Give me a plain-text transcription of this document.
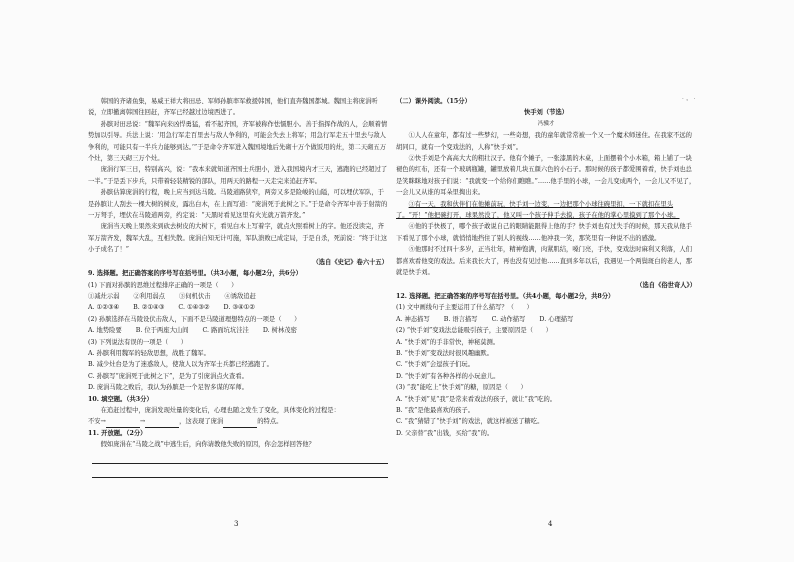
韩国的齐诸鱼集，易威王祥大将田忌、军师孙膑率军救援韩国，他们直奔魏国都城。魏国主将庞涓听说，立即撤离韩国往回赶，齐军已经越过边境西进了。

孙膑对田忌说：“魏军向来凶悍勇猛，看不起齐国，齐军被称作怯懦胆小。善于指挥作战的人，会顺着情势加以引导。兵法上说：‘用急行军走百里去与敌人争利的，可能会失去上将军；用急行军走五十里去与敌人争利的，可能只有一半兵力能够到达。’”于是命令齐军进入魏国境地后先砌十万个做饭用的灶，第二天砌五万个灶，第三天砌三万个灶。

庞涓行军三日，特别高兴，说：“我本来就知道齐国士兵胆小，进入我国境内才三天，逃跑的已经超过了一半。”于是丢下步兵，只带着轻装精锐的部队，用两天的路程一天走完来追赶齐军。

孙膑估算庞涓的行程，晚上应当到达马陵。马陵道路狭窄，两旁又多是险峻的山隘，可以埋伏军队，于是孙膑让人刮去一棵大树的树皮，露出白木，在上面写道：“庞涓死于此树之下。”于是命令齐军中善于射箭的一万弩手，埋伏在马陵道两旁，约定说：“天黑时看见这里有火光就万箭齐发。”

庞涓当天晚上果然来到砍去树皮的大树下，看见白木上写着字，就点火照看树上的字。他还没读完，齐军万箭齐发，魏军大乱，互相失散。庞涓自知无计可施，军队溃败已成定局，于是自杀，死前说：“终于让这小子成名了！”

（选自《史记》卷六十五）

9. 选择题。把正确答案的序号写在括号里。（共3小题，每小题2分，共6分）

(1) 下面对孙膑的思维过程排序正确的一项是（　　）

①减灶示弱 ②利用弱点 ③伺机伏击 ④诱敌追赶
A. ①②③④ B. ②①④③ C. ①④③② D. ③④①②

(2) 孙膑选择在马陵设伏击敌人，下面不是马陵道理想特点的一项是（　　）

A. 地势险要 B. 位于两座大山间 C. 路面坑坑洼洼 D. 树林茂密

(3) 下列说法有误的一项是（　　）

A. 孙膑利用魏军的轻敌思想，战胜了魏军。

B. 减少灶台是为了迷惑敌人，使敌人以为齐军士兵都已经逃跑了。

C. 孙膑写“庞涓死于此树之下”，是为了引庞涓点火查看。

D. 庞涓马陵之败后，我认为孙膑是一个足智多谋的军师。

10. 填空题。（共3分）

在追赶过程中，庞涓发现灶量的变化后，心理也随之发生了变化，具体变化的过程是：

不安→	→	，这表现了庞涓	的特点。

11. 开放题。（2分）

假如庞涓在“马陵之战”中逃生后，向你请教他失败的原因，你会怎样回答他？

3
· 。 ·

（二）课外阅读。（15分）

快手刘（节选）

冯骥才

①人人在童年，都有过一些梦幻，一些奇想，我的童年就常常被一个又一个魔术师迷住。在我家不远的胡同口，就有一个变戏法的，人称“快手刘”。

②快手刘是个高高大大的粗壮汉子。他有个摊子，一张漆黑的木桌，上面摆着个小木箱，箱上铺了一块褪色的红布，还有一个玻璃瓶罐，罐里放着几块五颜六色的小石子。那时候的孩子都爱围着看，快手刘也总是笑眯眯地对孩子们说：“我就变一个给你们瞧瞧。”……他手里的小球，一会儿变成两个，一会儿又不见了，一会儿又从谁的耳朵里掏出来。

③有一天，我和伙伴们在他摊前玩，快手刘一边变，一边把那个小球往碗里扣，一下就扣在里头了。“开！”他把碗打开，球果然没了，他又叫一个孩子伸手去摸，孩子在他的掌心里摸到了那个小球。

④他的手快极了，哪个孩子敢说自己的眼睛能跟得上他的手？快手刘也有过失手的时候，那天我从他手下看见了那个小球，就悄悄地挡住了别人的视线……他冲我一笑，那笑里有一种说不出的感激。

⑤他那时不过四十多岁，正当壮年，精神饱满，肉紧肌结，嗓门亮，手快，变戏法时麻利又利落，人们都喜欢看他变的戏法。后来我长大了，再也没有见过他……直到多年以后，我遇见一个两鬓斑白的老人，那就是快手刘。

（选自《俗世奇人》）

12. 选择题。把正确答案的序号写在括号里。（共4小题，每小题2分，共8分）

(1) 文中画线句子主要运用了什么描写？（　　）

A. 神态描写 B. 语言描写 C. 动作描写 D. 心理描写

(2) “快手刘”变戏法总能吸引孩子，主要原因是（　　）

A. “快手刘”的手非常快，神秘莫测。

B. “快手刘”变戏法时很风趣幽默。

C. “快手刘”会逗孩子们玩。

D. “快手刘”有各种各样的小玩意儿。

(3) “我”能吃上“快手刘”的糖，原因是（　　）

A. “快手刘”见“我”是常来看戏法的孩子，就让“我”吃的。

B. “我”是他最喜欢的孩子。

C. “我”猜错了“快手刘”的戏法，就这样被送了糖吃。

D. 父亲替“我”出钱，买给“我”的。

4
